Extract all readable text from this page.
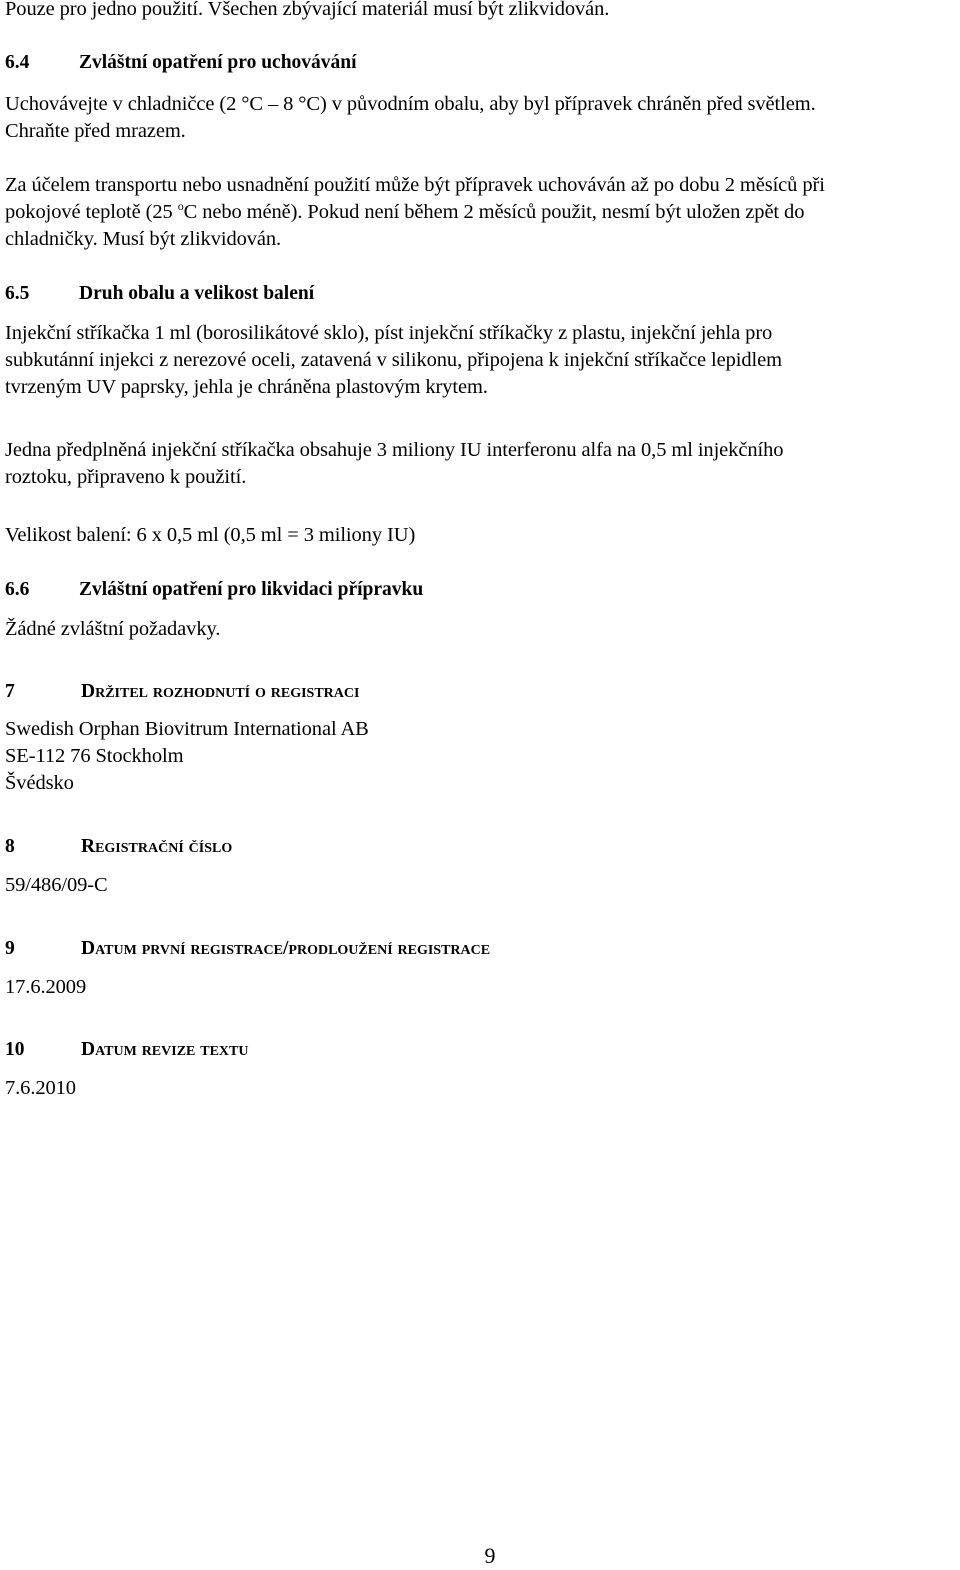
Pouze pro jedno použití. Všechen zbývající materiál musí být zlikvidován.
6.4	Zvláštní opatření pro uchovávání
Uchovávejte v chladničce (2 °C – 8 °C) v původním obalu, aby byl přípravek chráněn před světlem.
Chraňte před mrazem.
Za účelem transportu nebo usnadnění použití může být přípravek uchováván až po dobu 2 měsíců při
pokojové teplotě (25 $^o$C nebo méně). Pokud není během 2 měsíců použit, nesmí být uložen zpět do
chladničky. Musí být zlikvidován.
6.5	Druh obalu a velikost balení
Injekční stříkačka 1 ml (borosilikátové sklo), píst injekční stříkačky z plastu, injekční jehla pro
subkutánní injekci z nerezové oceli, zatavená v silikonu, připojena k injekční stříkačce lepidlem
tvrzeným UV paprsky, jehla je chráněna plastovým krytem.
Jedna předplněná injekční stříkačka obsahuje 3 miliony IU interferonu alfa na 0,5 ml injekčního
roztoku, připraveno k použití.
Velikost balení: 6 x 0,5 ml (0,5 ml = 3 miliony IU)
6.6	Zvláštní opatření pro likvidaci přípravku
Žádné zvláštní požadavky.
7	Držitel rozhodnutí o registraci
Swedish Orphan Biovitrum International AB
SE-112 76 Stockholm
Švédsko
8	Registrační číslo
59/486/09-C
9	Datum první registrace/prodloužení registrace
17.6.2009
10	Datum revize textu
7.6.2010
9
